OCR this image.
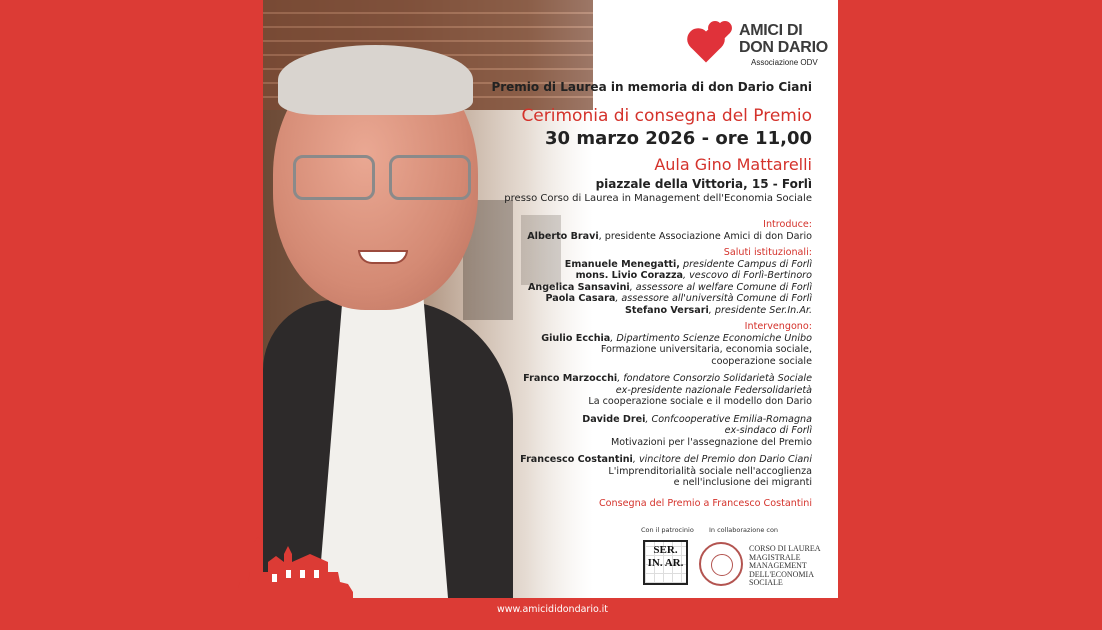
AMICI DI
DON DARIO
Associazione ODV
Premio di Laurea in memoria di don Dario Ciani
Cerimonia di consegna del Premio
30 marzo 2026 - ore 11,00
Aula Gino Mattarelli
piazzale della Vittoria, 15 - Forlì
presso Corso di Laurea in Management dell'Economia Sociale
Introduce:
Alberto Bravi, presidente Associazione Amici di don Dario
Saluti istituzionali:
Emanuele Menegatti, presidente Campus di Forlì
mons. Livio Corazza, vescovo di Forlì-Bertinoro
Angelica Sansavini, assessore al welfare Comune di Forlì
Paola Casara, assessore all'università Comune di Forlì
Stefano Versari, presidente Ser.In.Ar.
Intervengono:
Giulio Ecchia, Dipartimento Scienze Economiche Unibo
Formazione universitaria, economia sociale,
cooperazione sociale
Franco Marzocchi, fondatore Consorzio Solidarietà Sociale
ex-presidente nazionale Federsolidarietà
La cooperazione sociale e il modello don Dario
Davide Drei, Confcooperative Emilia-Romagna
ex-sindaco di Forlì
Motivazioni per l'assegnazione del Premio
Francesco Costantini, vincitore del Premio don Dario Ciani
L'imprenditorialità sociale nell'accoglienza
e nell'inclusione dei migranti
Consegna del Premio a Francesco Costantini
Con il patrocinio In collaborazione con
SER. IN. AR.
CORSO DI LAUREA
MAGISTRALE
MANAGEMENT
DELL'ECONOMIA
SOCIALE
www.amicididondario.it
